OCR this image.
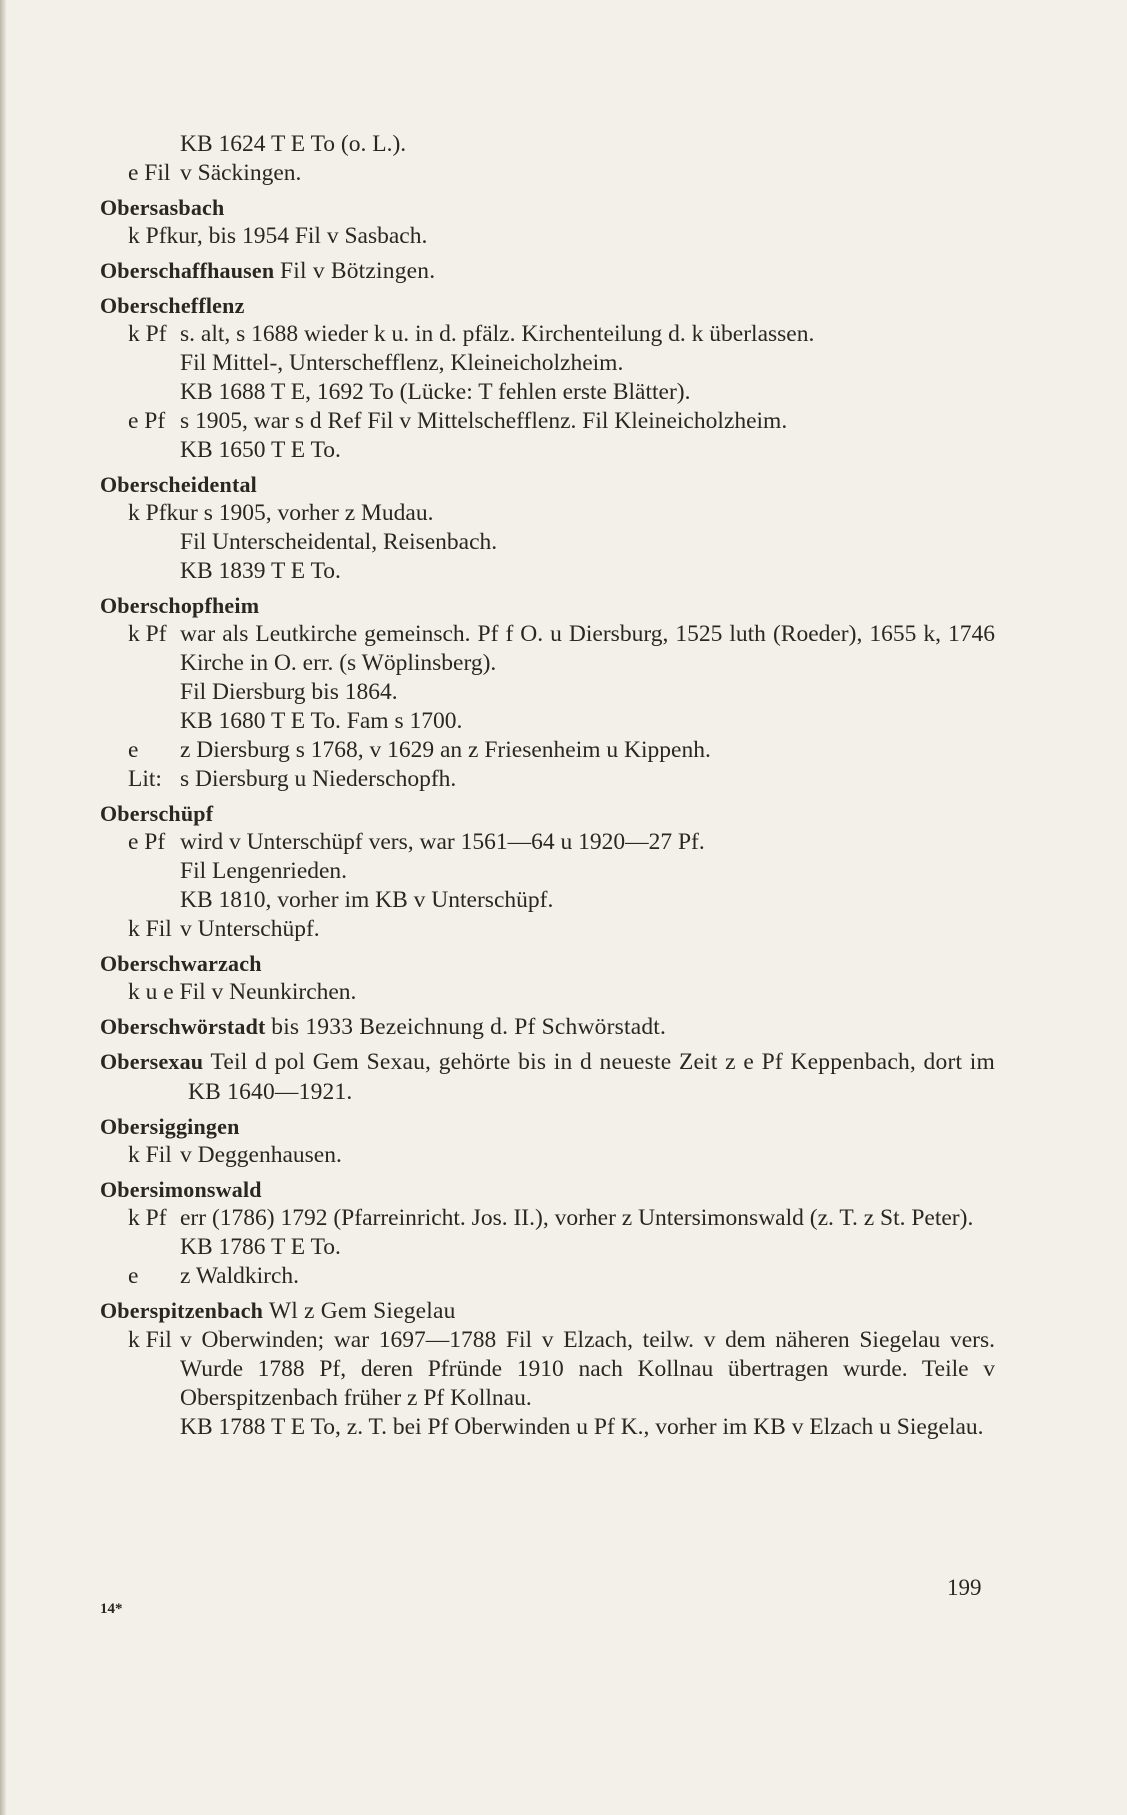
KB 1624 T E To (o. L.).
e Fil v Säckingen.
Obersasbach
k Pfkur, bis 1954 Fil v Sasbach.
Oberschaffhausen Fil v Bötzingen.
Oberschefflenz
k Pf s. alt, s 1688 wieder k u. in d. pfälz. Kirchenteilung d. k überlassen.
Fil Mittel-, Unterschefflenz, Kleineicholzheim.
KB 1688 T E, 1692 To (Lücke: T fehlen erste Blätter).
e Pf s 1905, war s d Ref Fil v Mittelschefflenz. Fil Kleineicholzheim.
KB 1650 T E To.
Oberscheidental
k Pfkur s 1905, vorher z Mudau.
Fil Unterscheidental, Reisenbach.
KB 1839 T E To.
Oberschopfheim
k Pf war als Leutkirche gemeinsch. Pf f O. u Diersburg, 1525 luth (Roeder), 1655 k, 1746 Kirche in O. err. (s Wöplinsberg).
Fil Diersburg bis 1864.
KB 1680 T E To. Fam s 1700.
e	z Diersburg s 1768, v 1629 an z Friesenheim u Kippenh.
Lit: s Diersburg u Niederschopfh.
Oberschüpf
e Pf wird v Unterschüpf vers, war 1561—64 u 1920—27 Pf.
Fil Lengenrieden.
KB 1810, vorher im KB v Unterschüpf.
k Fil v Unterschüpf.
Oberschwarzach
k u e Fil v Neunkirchen.
Oberschwörstadt bis 1933 Bezeichnung d. Pf Schwörstadt.
Obersexau Teil d pol Gem Sexau, gehörte bis in d neueste Zeit z e Pf Keppenbach, dort im KB 1640—1921.
Obersiggingen
k Fil v Deggenhausen.
Obersimonswald
k Pf err (1786) 1792 (Pfarreinricht. Jos. II.), vorher z Untersimonswald (z. T. z St. Peter).
KB 1786 T E To.
e	z Waldkirch.
Oberspitzenbach Wl z Gem Siegelau
k Fil v Oberwinden; war 1697—1788 Fil v Elzach, teilw. v dem näheren Siegelau vers. Wurde 1788 Pf, deren Pfründe 1910 nach Kollnau übertragen wurde. Teile v Oberspitzenbach früher z Pf Kollnau.
KB 1788 T E To, z. T. bei Pf Oberwinden u Pf K., vorher im KB v Elzach u Siegelau.
199
14*
